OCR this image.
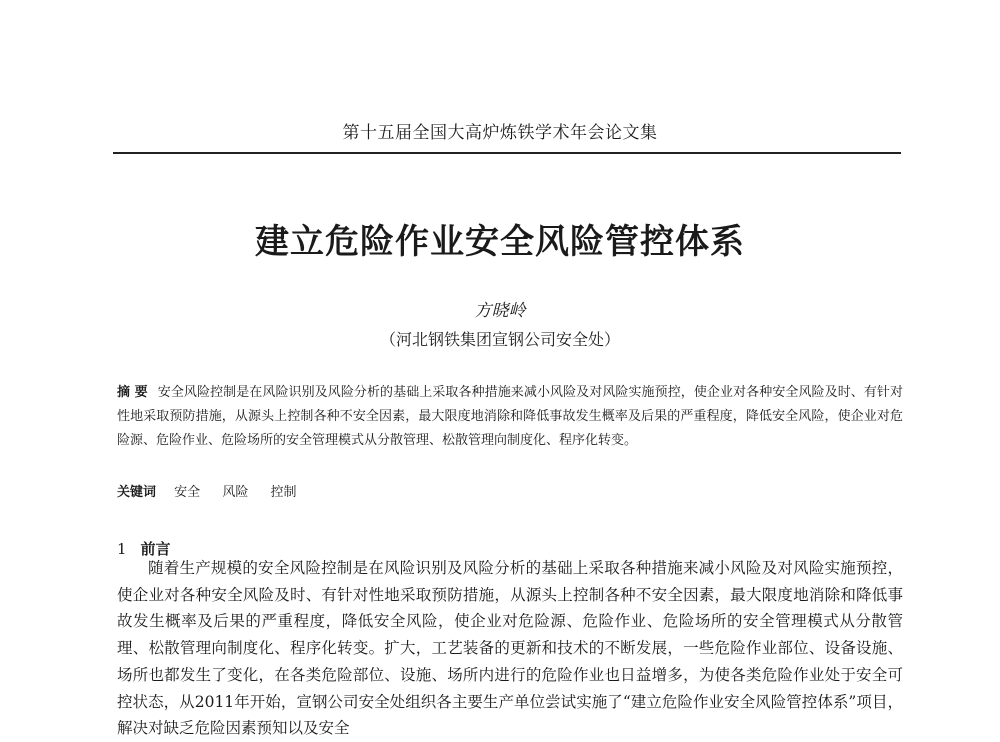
第十五届全国大高炉炼铁学术年会论文集
建立危险作业安全风险管控体系
方晓岭
（河北钢铁集团宣钢公司安全处）
摘 要 安全风险控制是在风险识别及风险分析的基础上采取各种措施来减小风险及对风险实施预控，使企业对各种安全风险及时、有针对性地采取预防措施，从源头上控制各种不安全因素，最大限度地消除和降低事故发生概率及后果的严重程度，降低安全风险，使企业对危险源、危险作业、危险场所的安全管理模式从分散管理、松散管理向制度化、程序化转变。
关键词 安全 风险 控制
1 前言
随着生产规模的安全风险控制是在风险识别及风险分析的基础上采取各种措施来减小风险及对风险实施预控，使企业对各种安全风险及时、有针对性地采取预防措施，从源头上控制各种不安全因素，最大限度地消除和降低事故发生概率及后果的严重程度，降低安全风险，使企业对危险源、危险作业、危险场所的安全管理模式从分散管理、松散管理向制度化、程序化转变。扩大，工艺装备的更新和技术的不断发展，一些危险作业部位、设备设施、场所也都发生了变化，在各类危险部位、设施、场所内进行的危险作业也日益增多，为使各类危险作业处于安全可控状态，从2011年开始，宣钢公司安全处组织各主要生产单位尝试实施了“建立危险作业安全风险管控体系”项目，解决对缺乏危险因素预知以及安全
